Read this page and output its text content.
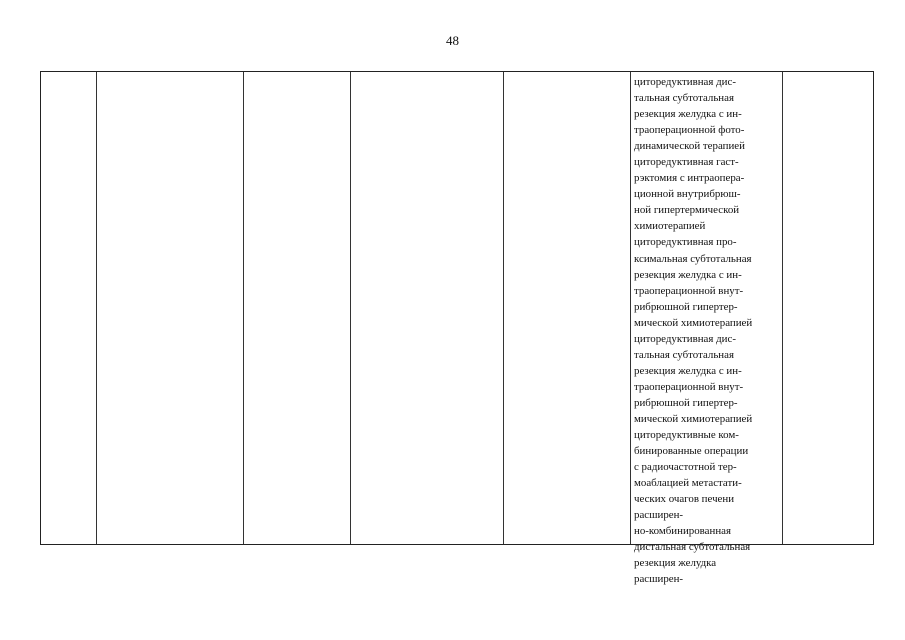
48
циторедуктивная дис-
тальная субтотальная
резекция желудка с ин-
траоперационной фото-
динамической терапией
циторедуктивная гаст-
рэктомия с интраопера-
ционной внутрибрюш-
ной гипертермической
химиотерапией
циторедуктивная про-
ксимальная субтотальная
резекция желудка с ин-
траоперационной внут-
рибрюшной гипертер-
мической химиотерапией
циторедуктивная дис-
тальная субтотальная
резекция желудка с ин-
траоперационной внут-
рибрюшной гипертер-
мической химиотерапией
циторедуктивные ком-
бинированные операции
с радиочастотной тер-
моаблацией метастати-
ческих очагов печени
расширен-
но-комбинированная
дистальная субтотальная
резекция желудка
расширен-
